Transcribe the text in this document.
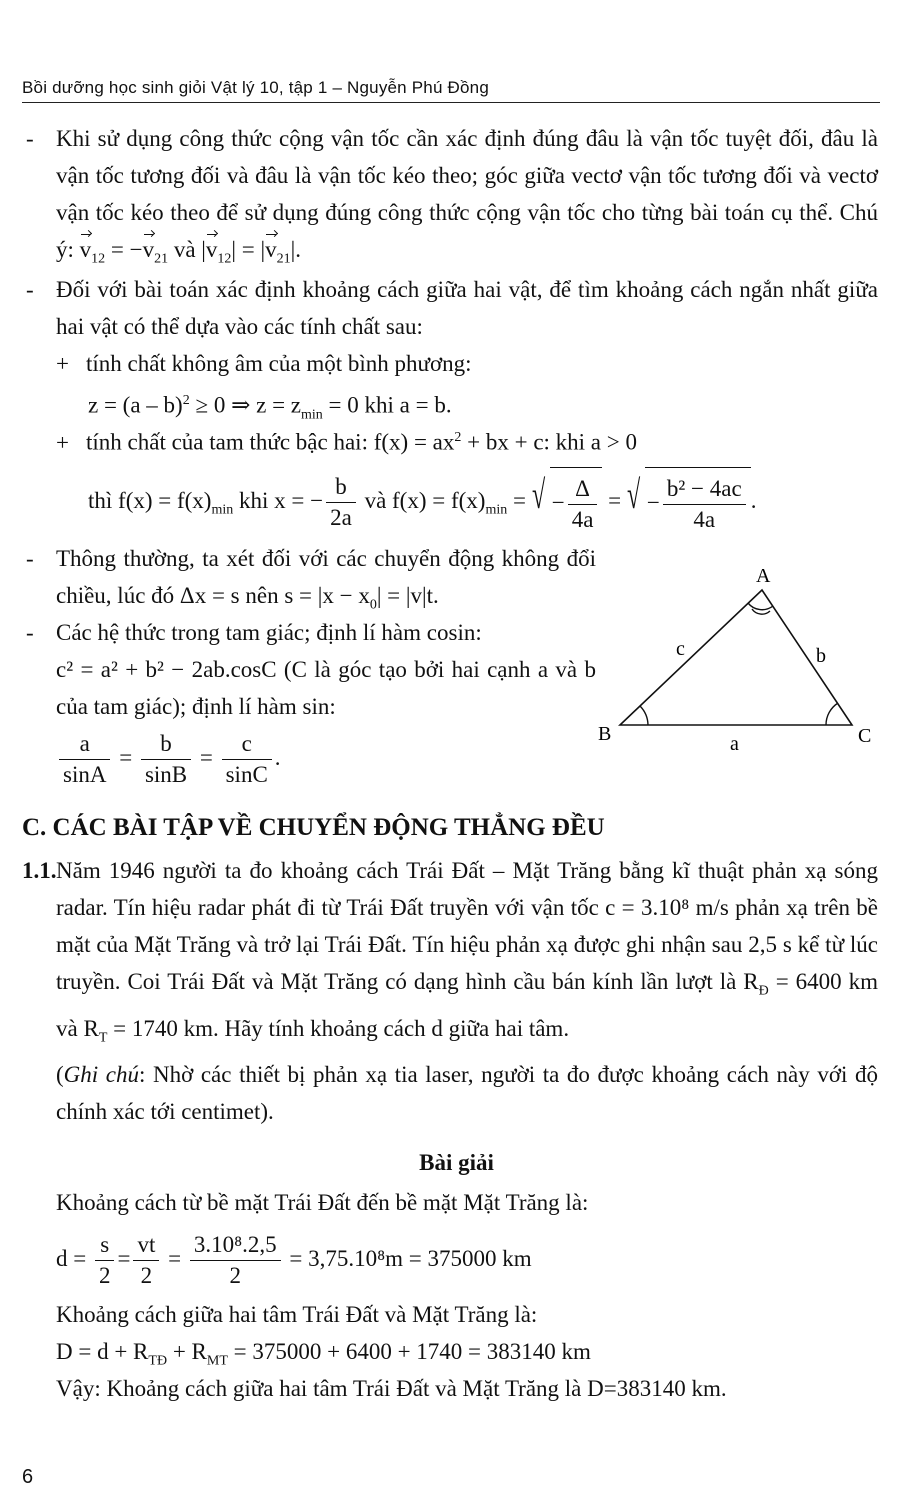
Bồi dưỡng học sinh giỏi Vật lý 10, tập 1 – Nguyễn Phú Đồng
- Khi sử dụng công thức cộng vận tốc cần xác định đúng đâu là vận tốc tuyệt đối, đâu là vận tốc tương đối và đâu là vận tốc kéo theo; góc giữa vectơ vận tốc tương đối và vectơ vận tốc kéo theo để sử dụng đúng công thức cộng vận tốc cho từng bài toán cụ thể. Chú ý: $v_{12} = -v_{21}$ và $|v_{12}| = |v_{21}|$.
- Đối với bài toán xác định khoảng cách giữa hai vật, để tìm khoảng cách ngắn nhất giữa hai vật có thể dựa vào các tính chất sau:
+ tính chất không âm của một bình phương:
z = (a – b)$^2$ ≥ 0 ⇒ $z = z_{min} = 0$ khi a = b.
+ tính chất của tam thức bậc hai: $f(x) = ax^2$ + bx + c: khi a > 0
thì $f(x) = f(x)_{min}$ khi x = − $\frac{b}{2a}$ và $f(x) = f(x)_{min}$ = √ − $\frac{\Delta}{4a}$ = √ − $\frac{\text{b² − 4ac}}{4a}$ .
- Thông thường, ta xét đối với các chuyển động không đổi chiều, lúc đó Δx = s nên $s = |x - x_0| = |v|t$.
- Các hệ thức trong tam giác; định lí hàm cosin:
c² = a² + b² − 2ab.cosC (C là góc tạo bởi hai cạnh a và b của tam giác); định lí hàm sin:
$\frac{a}{\sin A} = \frac{b}{\sin B} = \frac{c}{\sin C}$ .
A
B	C
a
b
c
C. CÁC BÀI TẬP VỀ CHUYỂN ĐỘNG THẲNG ĐỀU
1.1. Năm 1946 người ta đo khoảng cách Trái Đất – Mặt Trăng bằng kĩ thuật phản xạ sóng radar. Tín hiệu radar phát đi từ Trái Đất truyền với vận tốc c = 3.10⁸ m/s phản xạ trên bề mặt của Mặt Trăng và trở lại Trái Đất. Tín hiệu phản xạ được ghi nhận sau 2,5 s kể từ lúc truyền. Coi Trái Đất và Mặt Trăng có dạng hình cầu bán kính lần lượt là $R_Đ = 6400$ km và $R_T = 1740$ km. Hãy tính khoảng cách d giữa hai tâm.
(Ghi chú: Nhờ các thiết bị phản xạ tia laser, người ta đo được khoảng cách này với độ chính xác tới centimet).
Bài giải
Khoảng cách từ bề mặt Trái Đất đến bề mặt Mặt Trăng là:
$d = \frac{s}{2} = \frac{vt}{2} = \frac{\text{3.10⁸.2,5}}{2} = 3,75.10^8m = 375000$ km
Khoảng cách giữa hai tâm Trái Đất và Mặt Trăng là:
$D = d + R_{TĐ} + R_{MT} = 375000 + 6400 + 1740 = 383140$ km
Vậy: Khoảng cách giữa hai tâm Trái Đất và Mặt Trăng là D=383140 km.
6
